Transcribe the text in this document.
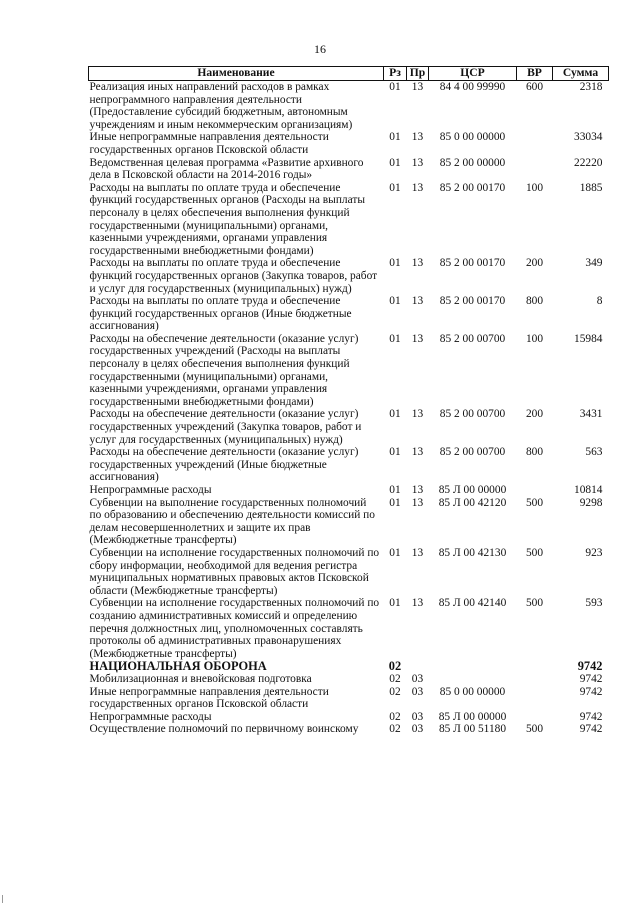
16
Наименование	Рз	Пр	ЦСР	ВР	Сумма
Реализация иных направлений расходов в рамках непрограммного направления деятельности (Предоставление субсидий бюджетным, автономным учреждениям и иным некоммерческим организациям)	01	13	84 4 00 99990	600	2318
Иные непрограммные направления деятельности государственных органов Псковской области	01	13	85 0 00 00000		33034
Ведомственная целевая программа «Развитие архивного дела в Псковской области на 2014-2016 годы»	01	13	85 2 00 00000		22220
Расходы на выплаты по оплате труда и обеспечение функций государственных органов (Расходы на выплаты персоналу в целях обеспечения выполнения функций государственными (муниципальными) органами, казенными учреждениями, органами управления государственными внебюджетными фондами)	01	13	85 2 00 00170	100	1885
Расходы на выплаты по оплате труда и обеспечение функций государственных органов (Закупка товаров, работ и услуг для государственных (муниципальных) нужд)	01	13	85 2 00 00170	200	349
Расходы на выплаты по оплате труда и обеспечение функций государственных органов (Иные бюджетные ассигнования)	01	13	85 2 00 00170	800	8
Расходы на обеспечение деятельности (оказание услуг) государственных учреждений (Расходы на выплаты персоналу в целях обеспечения выполнения функций государственными (муниципальными) органами, казенными учреждениями, органами управления государственными внебюджетными фондами)	01	13	85 2 00 00700	100	15984
Расходы на обеспечение деятельности (оказание услуг) государственных учреждений (Закупка товаров, работ и услуг для государственных (муниципальных) нужд)	01	13	85 2 00 00700	200	3431
Расходы на обеспечение деятельности (оказание услуг) государственных учреждений (Иные бюджетные ассигнования)	01	13	85 2 00 00700	800	563
Непрограммные расходы	01	13	85 Л 00 00000		10814
Субвенции на выполнение государственных полномочий по образованию и обеспечению деятельности комиссий по делам несовершеннолетних и защите их прав (Межбюджетные трансферты)	01	13	85 Л 00 42120	500	9298
Субвенции на исполнение государственных полномочий по сбору информации, необходимой для ведения регистра муниципальных нормативных правовых актов Псковской области (Межбюджетные трансферты)	01	13	85 Л 00 42130	500	923
Субвенции на исполнение государственных полномочий по созданию административных комиссий и определению перечня должностных лиц, уполномоченных составлять протоколы об административных правонарушениях (Межбюджетные трансферты)	01	13	85 Л 00 42140	500	593
НАЦИОНАЛЬНАЯ ОБОРОНА	02				9742
Мобилизационная и вневойсковая подготовка	02	03			9742
Иные непрограммные направления деятельности государственных органов Псковской области	02	03	85 0 00 00000		9742
Непрограммные расходы	02	03	85 Л 00 00000		9742
Осуществление полномочий по первичному воинскому	02	03	85 Л 00 51180	500	9742
